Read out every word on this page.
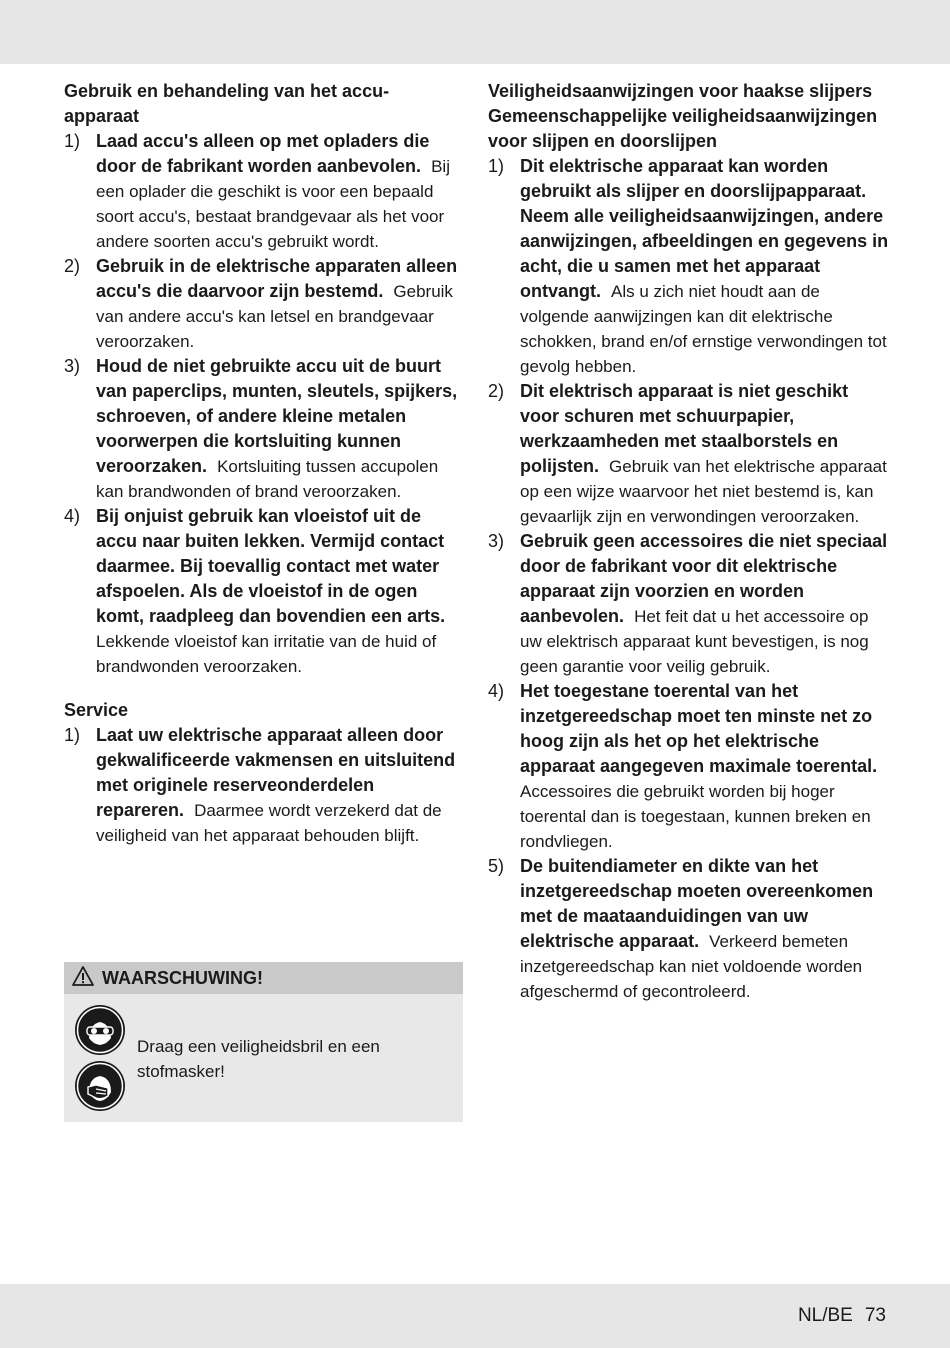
Gebruik en behandeling van het accu-apparaat
1) Laad accu's alleen op met opladers die door de fabrikant worden aanbevolen. Bij een oplader die geschikt is voor een bepaald soort accu's, bestaat brandgevaar als het voor andere soorten accu's gebruikt wordt.
2) Gebruik in de elektrische apparaten alleen accu's die daarvoor zijn bestemd. Gebruik van andere accu's kan letsel en brandgevaar veroorzaken.
3) Houd de niet gebruikte accu uit de buurt van paperclips, munten, sleutels, spijkers, schroeven, of andere kleine metalen voorwerpen die kortsluiting kunnen veroorzaken. Kortsluiting tussen accupolen kan brandwonden of brand veroorzaken.
4) Bij onjuist gebruik kan vloeistof uit de accu naar buiten lekken. Vermijd contact daarmee. Bij toevallig contact met water afspoelen. Als de vloeistof in de ogen komt, raadpleeg dan bovendien een arts.  Lekkende vloeistof kan irritatie van de huid of brandwonden veroorzaken.
Service
1) Laat uw elektrische apparaat alleen door gekwalificeerde vakmensen en uitsluitend met originele reserveonderdelen repareren. Daarmee wordt verzekerd dat de veiligheid van het apparaat behouden blijft.
WAARSCHUWING!
Draag een veiligheidsbril en een stofmasker!
Veiligheidsaanwijzingen voor haakse slijpers
Gemeenschappelijke veiligheidsaanwijzingen voor slijpen en doorslijpen
1) Dit elektrische apparaat kan worden gebruikt als slijper en doorslijpapparaat. Neem alle veiligheidsaanwijzingen, andere aanwijzingen, afbeeldingen en gegevens in acht, die u samen met het apparaat ontvangt. Als u zich niet houdt aan de volgende aanwijzingen kan dit elektrische schokken, brand en/of ernstige verwondingen tot gevolg hebben.
2) Dit elektrisch apparaat is niet geschikt voor schuren met schuurpapier, werkzaamheden met staalborstels en polijsten. Gebruik van het elektrische apparaat op een wijze waarvoor het niet bestemd is, kan gevaarlijk zijn en verwondingen veroorzaken.
3) Gebruik geen accessoires die niet speciaal door de fabrikant voor dit elektrische apparaat zijn voorzien en worden aanbevolen. Het feit dat u het accessoire op uw elektrisch apparaat kunt bevestigen, is nog geen garantie voor veilig gebruik.
4) Het toegestane toerental van het inzetgereedschap moet ten minste net zo hoog zijn als het op het elektrische apparaat aangegeven maximale toerental.  Accessoires die gebruikt worden bij hoger toerental dan is toegestaan, kunnen breken en rondvliegen.
5) De buitendiameter en dikte van het inzetgereedschap moeten overeenkomen met de maataanduidingen van uw elektrische apparaat. Verkeerd bemeten inzetgereedschap kan niet voldoende worden afgeschermd of gecontroleerd.
NL/BE 73
